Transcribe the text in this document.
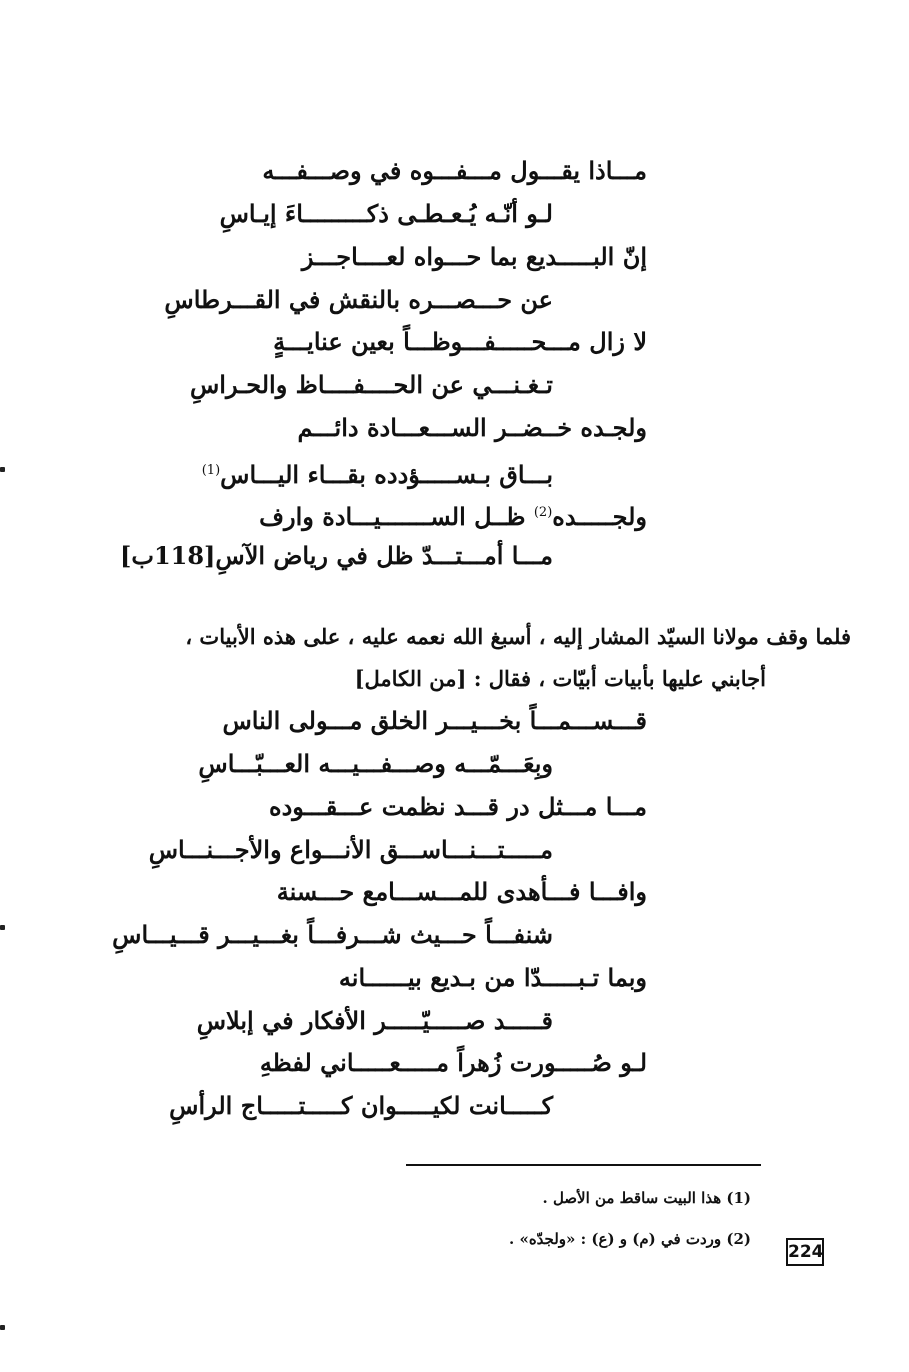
مـــاذا يقـــول مـــفـــوه في وصـــفـــه
لـو أنّـه يُـعـطـى ذكـــــــــاءَ إيـاسِ
إنّ البـــــديع بما حـــواه لعــــاجـــز
عن حـــصـــره بالنقش في القـــرطاسِ
لا زال مـــحـــــفـــوظـــاً بعين عنايـــةٍ
تـغـنـــي عن الحــــفــــاظ والحـراسِ
ولجـده خــضــر الســـعـــادة دائـــم
بـــاق بـســـــؤدده بقـــاء اليـــاس$^{(1)}$
ولجـــــده$^{(2)}$ ظــل الســـــــيـــادة وارف
مـــا أمـــتـــدّ ظل في رياض الآسِ[118ب]
فلما وقف مولانا السيّد المشار إليه ، أسبغ الله نعمه عليه ، على هذه الأبيات ،
أجابني عليها بأبيات أبيّات ، فقال : [من الكامل]
قـــســـمـــاً بخـــيـــر الخلق مـــولى الناس
وبِعَـــمّـــه وصـــفـــيـــه العـــبّـــاسِ
مـــا مـــثل در قـــد نظمت عـــقـــوده
مـــــتـــنـــاســـق الأنـــواع والأجـــنـــاسِ
وافـــا فـــأهدى للمـــســـامع حـــسنة
شنفـــاً حـــيث شـــرفـــاً بغـــيـــر قـــيـــاسِ
وبما تـبـــــدّا من بـديع بيــــــانه
قـــــد صـــــيّـــــر الأفكار في إبلاسِ
لـو صُـــــورت زُهراً مـــــعـــــاني لفظهِ
كـــــانت لكيـــــوان كـــــتـــــاج الرأسِ
(1) هذا البيت ساقط من الأصل .
(2) وردت في (م) و (ع) : «ولجدّه» .
224
